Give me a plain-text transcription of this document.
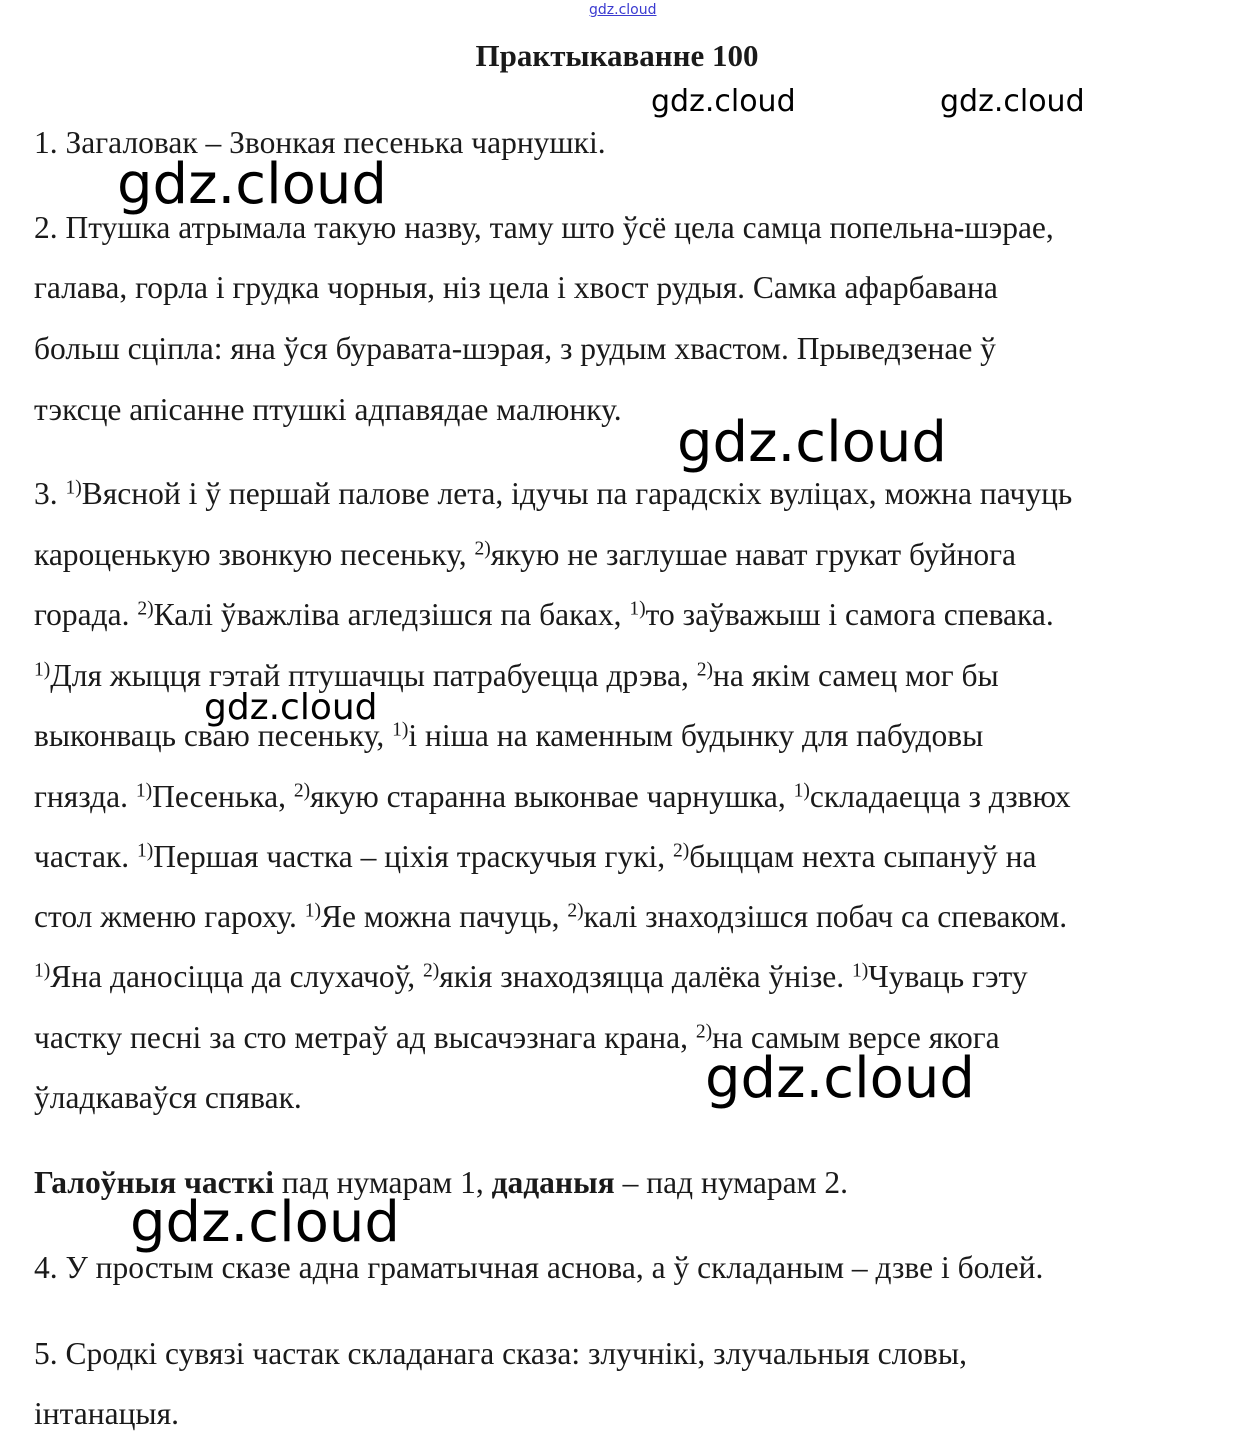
gdz.cloud
gdz.cloud	gdz.cloud
gdz.cloud
gdz.cloud
gdz.cloud
gdz.cloud
gdz.cloud
Практыкаванне 100
1. Загаловак – Звонкая песенька чарнушкі.
2. Птушка атрымала такую назву, таму што ўсё цела самца попельна-шэрае,
галава, горла і грудка чорныя, ніз цела і хвост рудыя. Самка афарбавана
больш сціпла: яна ўся буравата-шэрая, з рудым хвастом. Прыведзенае ў
тэксце апісанне птушкі адпавядае малюнку.
3. $^{1)}$Вясной і ў першай палове лета, ідучы па гарадскіх вуліцах, можна пачуць
кароценькую звонкую песеньку, $^{2)}$якую не заглушае нават грукат буйнога
горада. $^{2)}$Калі ўважліва агледзішся па баках, $^{1)}$то заўважыш і самога спевака.
$^{1)}$Для жыцця гэтай птушачцы патрабуецца дрэва, $^{2)}$на якім самец мог бы
выконваць сваю песеньку, $^{1)}$і ніша на каменным будынку для пабудовы
гнязда. $^{1)}$Песенька, $^{2)}$якую старанна выконвае чарнушка, $^{1)}$складаецца з дзвюх
частак. $^{1)}$Першая частка – ціхія траскучыя гукі, $^{2)}$быццам нехта сыпануў на
стол жменю гароху. $^{1)}$Яе можна пачуць, $^{2)}$калі знаходзішся побач са спеваком.
$^{1)}$Яна даносіцца да слухачоў, $^{2)}$якія знаходзяцца далёка ўнізе. $^{1)}$Чуваць гэту
частку песні за сто метраў ад высачэзнага крана, $^{2)}$на самым версе якога
ўладкаваўся спявак.
Галоўныя часткі пад нумарам 1, даданыя – пад нумарам 2.
4. У простым сказе адна граматычная аснова, а ў складаным – дзве і болей.
5. Сродкі сувязі частак складанага сказа: злучнікі, злучальныя словы,
інтанацыя.
